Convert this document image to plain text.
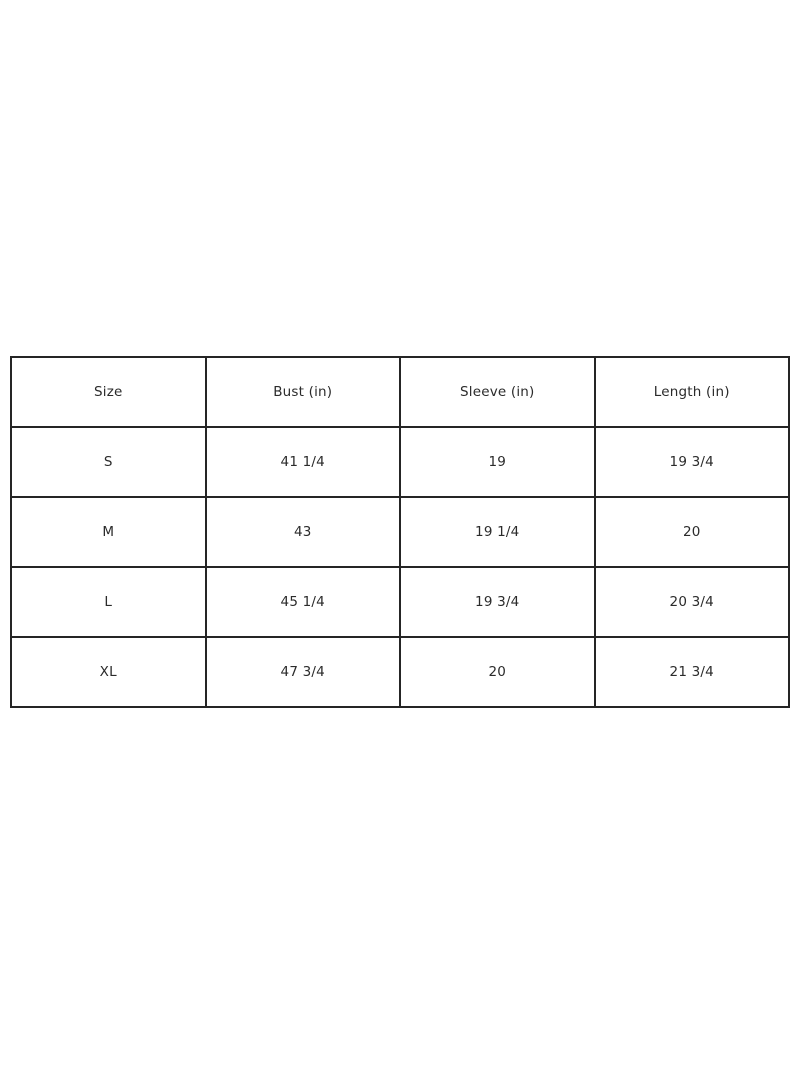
Size	Bust (in)	Sleeve (in)	Length (in)
S	41 1/4	19	19 3/4
M	43	19 1/4	20
L	45 1/4	19 3/4	20 3/4
XL	47 3/4	20	21 3/4
